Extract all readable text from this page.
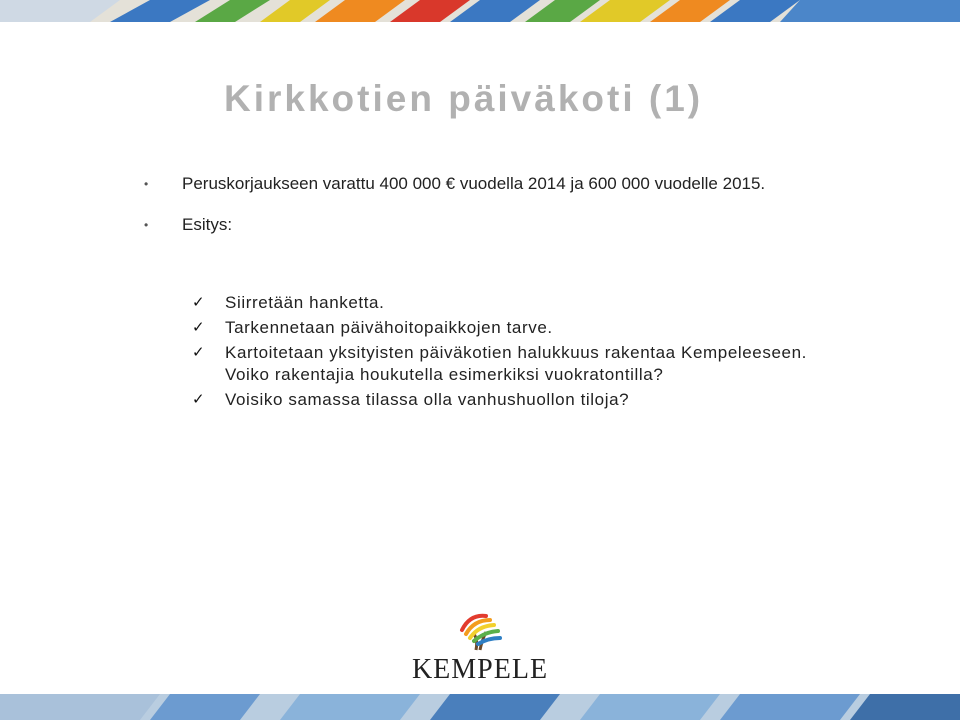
Kirkkotien päiväkoti (1)
• Peruskorjaukseen varattu 400 000 € vuodella 2014 ja 600 000 vuodelle 2015.
• Esitys:
✓ Siirretään hanketta.
✓ Tarkennetaan päivähoitopaikkojen tarve.
✓ Kartoitetaan yksityisten päiväkotien halukkuus rakentaa Kempeleeseen. Voiko rakentajia houkutella esimerkiksi vuokratontilla?
✓ Voisiko samassa tilassa olla vanhushuollon tiloja?
KEMPELE
